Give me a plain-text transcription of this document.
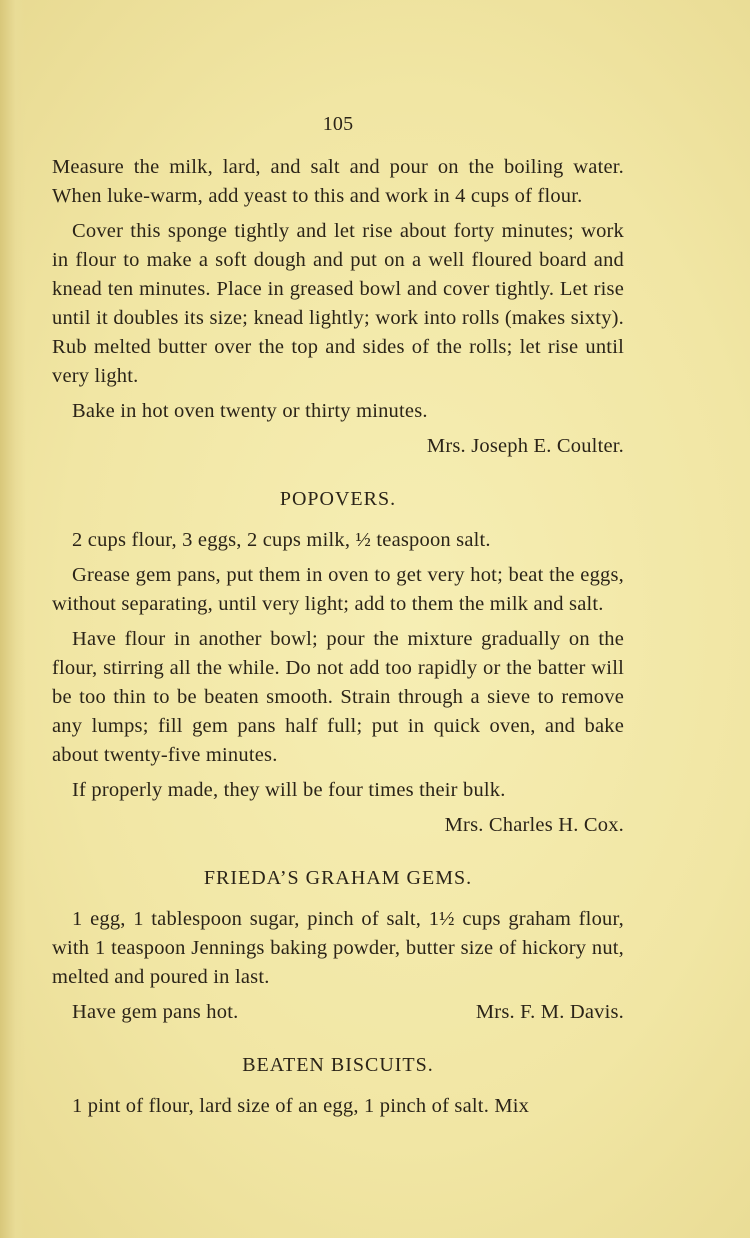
105

Measure the milk, lard, and salt and pour on the boiling water. When luke-warm, add yeast to this and work in 4 cups of flour.

Cover this sponge tightly and let rise about forty minutes; work in flour to make a soft dough and put on a well floured board and knead ten minutes. Place in greased bowl and cover tightly. Let rise until it doubles its size; knead lightly; work into rolls (makes sixty). Rub melted butter over the top and sides of the rolls; let rise until very light.

Bake in hot oven twenty or thirty minutes.

Mrs. Joseph E. Coulter.
POPOVERS.

2 cups flour, 3 eggs, 2 cups milk, ½ teaspoon salt.

Grease gem pans, put them in oven to get very hot; beat the eggs, without separating, until very light; add to them the milk and salt.

Have flour in another bowl; pour the mixture gradually on the flour, stirring all the while. Do not add too rapidly or the batter will be too thin to be beaten smooth. Strain through a sieve to remove any lumps; fill gem pans half full; put in quick oven, and bake about twenty-five minutes.

If properly made, they will be four times their bulk.

Mrs. Charles H. Cox.
FRIEDA’S GRAHAM GEMS.

1 egg, 1 tablespoon sugar, pinch of salt, 1½ cups graham flour, with 1 teaspoon Jennings baking powder, butter size of hickory nut, melted and poured in last.

Have gem pans hot.	Mrs. F. M. Davis.
BEATEN BISCUITS.

1 pint of flour, lard size of an egg, 1 pinch of salt. Mix
